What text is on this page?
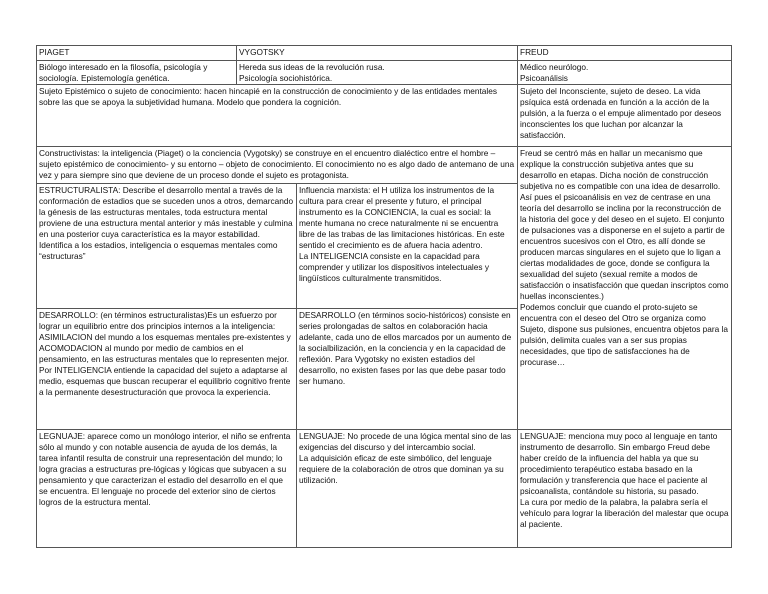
PIAGET	VYGOTSKY	FREUD
Biólogo interesado en la filosofía, psicología y sociología. Epistemología genética.
Hereda sus ideas de la revolución rusa.
Psicología sociohistórica.
Médico neurólogo.
Psicoanálisis
Sujeto Epistémico o sujeto de conocimiento: hacen hincapié en la construcción de conocimiento y de las entidades mentales sobre las que se apoya la subjetividad humana. Modelo que pondera la cognición.
Sujeto del Inconsciente, sujeto de deseo. La vida psíquica está ordenada en función a la acción de la pulsión, a la fuerza o el empuje alimentado por deseos inconscientes los que luchan por alcanzar la satisfacción.
Constructivistas: la inteligencia (Piaget) o la conciencia (Vygotsky) se construye en el encuentro dialéctico entre el hombre – sujeto epistémico de conocimiento- y su entorno – objeto de conocimiento. El conocimiento no es algo dado de antemano de una vez y para siempre sino que deviene de un proceso donde el sujeto es protagonista.
Freud se centró más en hallar un mecanismo que explique la construcción subjetiva antes que su desarrollo en etapas. Dicha noción de construcción subjetiva no es compatible con una idea de desarrollo. Así pues el psicoanálisis en vez de centrase en una teoría del desarrollo se inclina por la reconstrucción de la historia del goce y del deseo en el sujeto. El conjunto de pulsaciones vas a disponerse en el sujeto a partir de encuentros sucesivos con el Otro, es allí donde se producen marcas singulares en el sujeto que lo ligan a ciertas modalidades de goce, donde se configura la sexualidad del sujeto (sexual remite a modos de satisfacción o insatisfacción que quedan inscriptos como huellas inconscientes.)
Podemos concluir que cuando el proto-sujeto se encuentra con el deseo del Otro se organiza como Sujeto, dispone sus pulsiones, encuentra objetos para la pulsión, delimita cuales van a ser sus propias necesidades, que tipo de satisfacciones ha de procurase…
ESTRUCTURALISTA: Describe el desarrollo mental a través de la conformación de estadios que se suceden unos a otros, demarcando la génesis de las estructuras mentales, toda estructura mental proviene de una estructura mental anterior y más inestable y culmina en una posterior cuya característica es la mayor estabilidad. Identifica a los estadios, inteligencia o esquemas mentales como “estructuras”
Influencia marxista: el H utiliza los instrumentos de la cultura para crear el presente y futuro, el principal instrumento es la CONCIENCIA, la cual es social: la mente humana no crece naturalmente ni se encuentra libre de las trabas de las limitaciones históricas. En este sentido el crecimiento es de afuera hacia adentro.
La INTELIGENCIA consiste en la capacidad para comprender y utilizar los dispositivos intelectuales y lingüísticos culturalmente transmitidos.
DESARROLLO: (en términos estructuralistas)Es un esfuerzo por lograr un equilibrio entre dos principios internos a la inteligencia: ASIMILACION del mundo a los esquemas mentales pre-existentes y ACOMODACION al mundo por medio de cambios en el pensamiento, en las estructuras mentales que lo representen mejor.
Por INTELIGENCIA entiende la capacidad del sujeto a adaptarse al medio, esquemas que buscan recuperar el equilibrio cognitivo frente a la permanente desestructuración que provoca la experiencia.
DESARROLLO (en términos socio-históricos) consiste en series prolongadas de saltos en colaboración hacia adelante, cada uno de ellos marcados por un aumento de la socialbilización, en la conciencia y en la capacidad de reflexión. Para Vygotsky no existen estadios del desarrollo, no existen fases por las que debe pasar todo ser humano.
LEGNUAJE: aparece como un monólogo interior, el niño se enfrenta sólo al mundo y con notable ausencia de ayuda de los demás, la tarea infantil resulta de construir una representación del mundo; lo logra gracias a estructuras pre-lógicas y lógicas que subyacen a su pensamiento y que caracterizan el estadio del desarrollo en el que se encuentra. El lenguaje no procede del exterior sino de ciertos logros de la estructura mental.
LENGUAJE: No procede de una lógica mental sino de las exigencias del discurso y del intercambio social.
La adquisición eficaz de este simbólico, del lenguaje requiere de la colaboración de otros que dominan ya su utilización.
LENGUAJE: menciona muy poco al lenguaje en tanto instrumento de desarrollo. Sin embargo Freud debe haber creído de la influencia del habla ya que su procedimiento terapéutico estaba basado en la formulación y transferencia que hace el paciente al psicoanalista, contándole su historia, su pasado.
La cura por medio de la palabra, la palabra sería el vehículo para lograr la liberación del malestar que ocupa al paciente.
